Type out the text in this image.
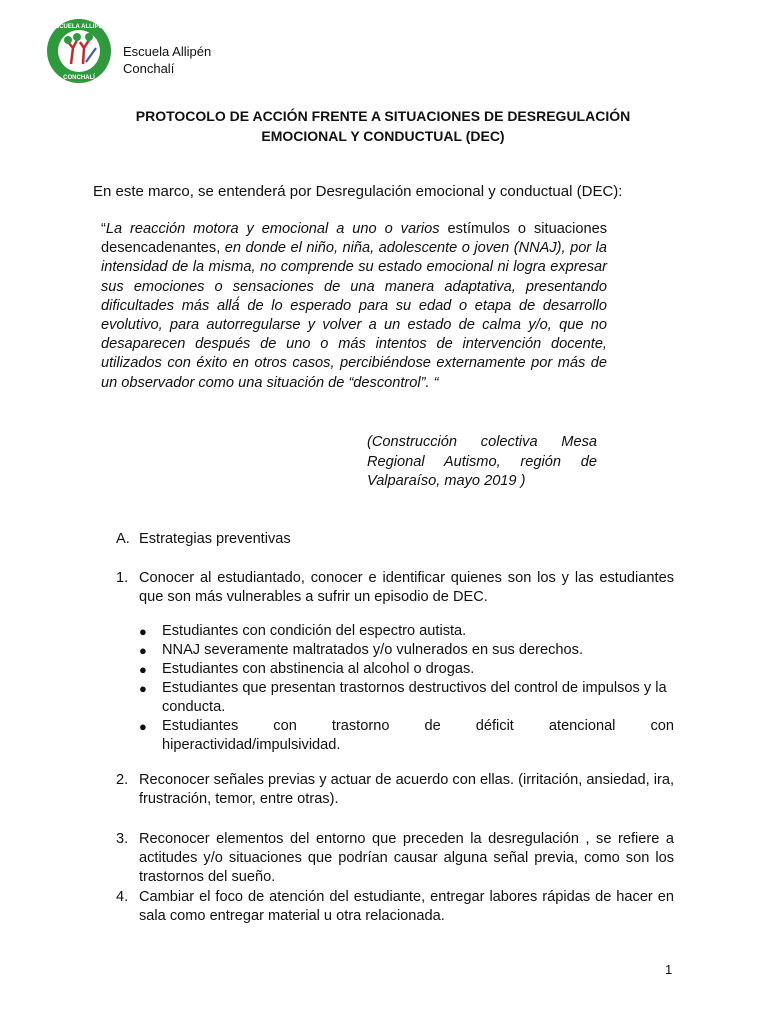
ESCUELA ALLIPÉN
CONCHALÍ
Escuela Allipén
Conchalí
PROTOCOLO DE ACCIÓN FRENTE A SITUACIONES DE DESREGULACIÓN
EMOCIONAL Y CONDUCTUAL (DEC)
En este marco, se entenderá por Desregulación emocional y conductual (DEC):
“La reacción motora y emocional a uno o varios estímulos o situaciones desencadenantes, en donde el niño, niña, adolescente o joven (NNAJ), por la intensidad de la misma, no comprende su estado emocional ni logra expresar sus emociones o sensaciones de una manera adaptativa, presentando dificultades más allá́ de lo esperado para su edad o etapa de desarrollo evolutivo, para autorregularse y volver a un estado de calma y/o, que no desaparecen después de uno o más intentos de intervención docente, utilizados con éxito en otros casos, percibiéndose externamente por más de un observador como una situación de “descontrol”. “
(Construcción colectiva Mesa Regional Autismo, región de Valparaíso, mayo 2019 )
A. Estrategias preventivas
1. Conocer al estudiantado, conocer e identificar quienes son los y las estudiantes que son más vulnerables a sufrir un episodio de DEC.
● Estudiantes con condición del espectro autista.
● NNAJ severamente maltratados y/o vulnerados en sus derechos.
● Estudiantes con abstinencia al alcohol o drogas.
● Estudiantes que presentan trastornos destructivos del control de impulsos y la conducta.
● Estudiantes con trastorno de déficit atencional con
hiperactividad/impulsividad.
2. Reconocer señales previas y actuar de acuerdo con ellas. (irritación, ansiedad, ira, frustración, temor, entre otras).
3. Reconocer elementos del entorno que preceden la desregulación , se refiere a actitudes y/o situaciones que podrían causar alguna señal previa, como son los trastornos del sueño.
4. Cambiar el foco de atención del estudiante, entregar labores rápidas de hacer en sala como entregar material u otra relacionada.
1
